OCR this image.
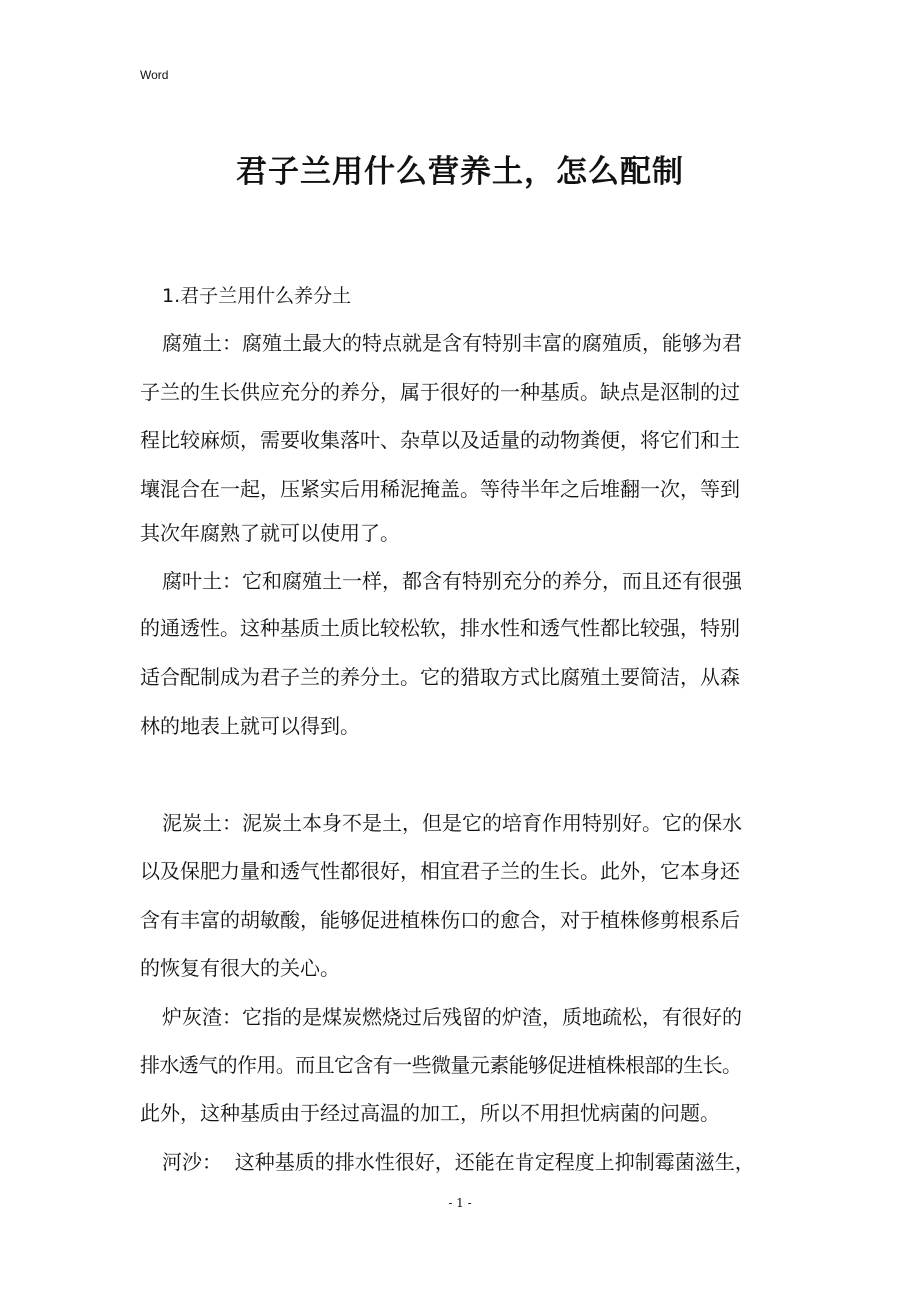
Word
君子兰用什么营养土，怎么配制
1.君子兰用什么养分土
腐殖土：腐殖土最大的特点就是含有特别丰富的腐殖质，能够为君
子兰的生长供应充分的养分，属于很好的一种基质。缺点是沤制的过
程比较麻烦，需要收集落叶、杂草以及适量的动物粪便，将它们和土
壤混合在一起，压紧实后用稀泥掩盖。等待半年之后堆翻一次，等到
其次年腐熟了就可以使用了。
腐叶土：它和腐殖土一样，都含有特别充分的养分，而且还有很强
的通透性。这种基质土质比较松软，排水性和透气性都比较强，特别
适合配制成为君子兰的养分土。它的猎取方式比腐殖土要简洁，从森
林的地表上就可以得到。
泥炭土：泥炭土本身不是土，但是它的培育作用特别好。它的保水
以及保肥力量和透气性都很好，相宜君子兰的生长。此外，它本身还
含有丰富的胡敏酸，能够促进植株伤口的愈合，对于植株修剪根系后
的恢复有很大的关心。
炉灰渣：它指的是煤炭燃烧过后残留的炉渣，质地疏松，有很好的
排水透气的作用。而且它含有一些微量元素能够促进植株根部的生长。
此外，这种基质由于经过高温的加工，所以不用担忧病菌的问题。
河沙：  这种基质的排水性很好，还能在肯定程度上抑制霉菌滋生，
- 1 -
